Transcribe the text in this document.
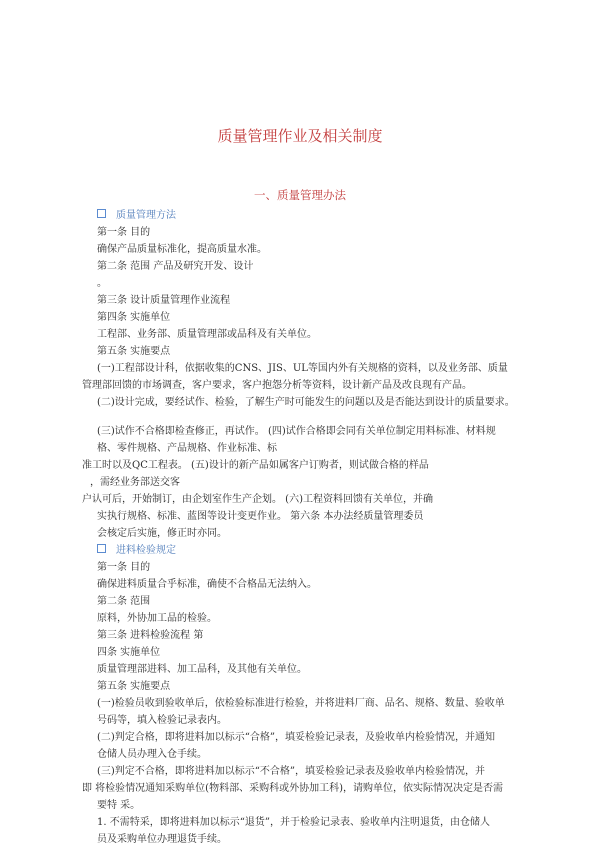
质量管理作业及相关制度
一、质量管理办法
质量管理方法
第一条 目的
确保产品质量标准化，提高质量水准。
第二条 范围 产品及研究开发、设计
。
第三条 设计质量管理作业流程
第四条 实施单位
工程部、业务部、质量管理部或品科及有关单位。
第五条 实施要点
(一)工程部设计科，依据收集的CNS、JIS、UL等国内外有关规格的资料，以及业务部、质量
管理部回馈的市场调查，客户要求，客户抱怨分析等资料，设计新产品及改良现有产品。
(二)设计完成，要经试作、检验，了解生产时可能发生的问题以及是否能达到设计的质量要求。
(三)试作不合格即检查修正，再试作。 (四)试作合格即会同有关单位制定用料标准、材料规
格、零件规格、产品规格、作业标准、标
准工时以及QC工程表。 (五)设计的新产品如属客户订购者，则试做合格的样品
，需经业务部送交客
户认可后，开始制订，由企划室作生产企划。 (六)工程资料回馈有关单位，并确
实执行规格、标准、蓝图等设计变更作业。 第六条 本办法经质量管理委员
会核定后实施，修正时亦同。
进料检验规定
第一条 目的
确保进料质量合乎标准，确使不合格品无法纳入。
第二条 范围
原料，外协加工品的检验。
第三条 进料检验流程 第
四条 实施单位
质量管理部进料、加工品科，及其他有关单位。
第五条 实施要点
(一)检验员收到验收单后，依检验标准进行检验，并将进料厂商、品名、规格、数量、验收单
号码等，填入检验记录表内。
(二)判定合格，即将进料加以标示“合格”，填妥检验记录表，及验收单内检验情况，并通知
仓储人员办理入仓手续。
(三)判定不合格，即将进料加以标示“不合格”，填妥检验记录表及验收单内检验情况，并
即 将检验情况通知采购单位(物料部、采购科或外协加工科)，请购单位，依实际情况决定是否需
要特 采。
1. 不需特采，即将进料加以标示“退货”，并于检验记录表、验收单内注明退货，由仓储人
员及采购单位办理退货手续。
